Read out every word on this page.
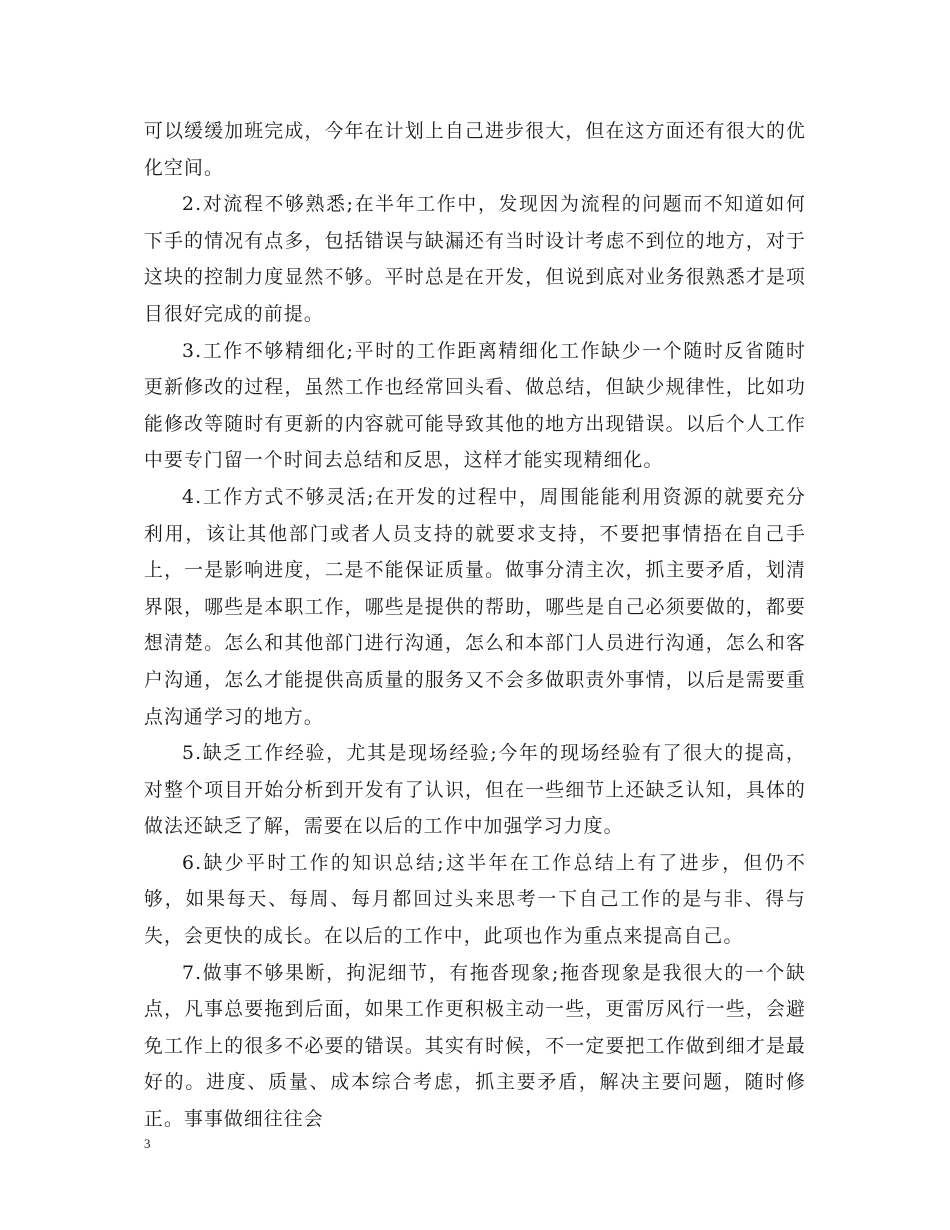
可以缓缓加班完成，今年在计划上自己进步很大，但在这方面还有很大的优化空间。

2.对流程不够熟悉;在半年工作中，发现因为流程的问题而不知道如何下手的情况有点多，包括错误与缺漏还有当时设计考虑不到位的地方，对于这块的控制力度显然不够。平时总是在开发，但说到底对业务很熟悉才是项目很好完成的前提。

3.工作不够精细化;平时的工作距离精细化工作缺少一个随时反省随时更新修改的过程，虽然工作也经常回头看、做总结，但缺少规律性，比如功能修改等随时有更新的内容就可能导致其他的地方出现错误。以后个人工作中要专门留一个时间去总结和反思，这样才能实现精细化。

4.工作方式不够灵活;在开发的过程中，周围能能利用资源的就要充分利用，该让其他部门或者人员支持的就要求支持，不要把事情捂在自己手上，一是影响进度，二是不能保证质量。做事分清主次，抓主要矛盾，划清界限，哪些是本职工作，哪些是提供的帮助，哪些是自己必须要做的，都要想清楚。怎么和其他部门进行沟通，怎么和本部门人员进行沟通，怎么和客户沟通，怎么才能提供高质量的服务又不会多做职责外事情，以后是需要重点沟通学习的地方。

5.缺乏工作经验，尤其是现场经验;今年的现场经验有了很大的提高，对整个项目开始分析到开发有了认识，但在一些细节上还缺乏认知，具体的做法还缺乏了解，需要在以后的工作中加强学习力度。

6.缺少平时工作的知识总结;这半年在工作总结上有了进步，但仍不够，如果每天、每周、每月都回过头来思考一下自己工作的是与非、得与失，会更快的成长。在以后的工作中，此项也作为重点来提高自己。

7.做事不够果断，拘泥细节，有拖沓现象;拖沓现象是我很大的一个缺点，凡事总要拖到后面，如果工作更积极主动一些，更雷厉风行一些，会避免工作上的很多不必要的错误。其实有时候，不一定要把工作做到细才是最好的。进度、质量、成本综合考虑，抓主要矛盾，解决主要问题，随时修正。事事做细往往会

3
